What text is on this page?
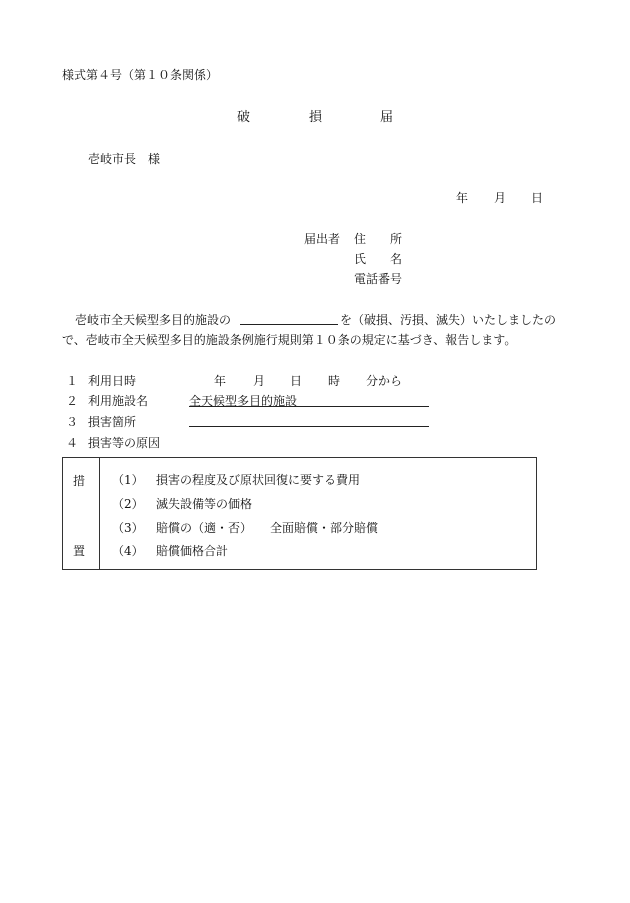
様式第４号（第１０条関係）
破	損	届
壱岐市長　様
年 月 日
届出者 住　　所
氏　　名
電話番号
壱岐市全天候型多目的施設の	を（破損、汚損、滅失）いたしましたの
で、壱岐市全天候型多目的施設条例施行規則第１０条の規定に基づき、報告します。
１ 利用日時	年 月 日 時 分から
２ 利用施設名	全天候型多目的施設
３ 損害箇所
４ 損害等の原因
措
置
（1） 損害の程度及び原状回復に要する費用
（2） 滅失設備等の価格
（3） 賠償の（適・否）　　全面賠償・部分賠償
（4） 賠償価格合計
